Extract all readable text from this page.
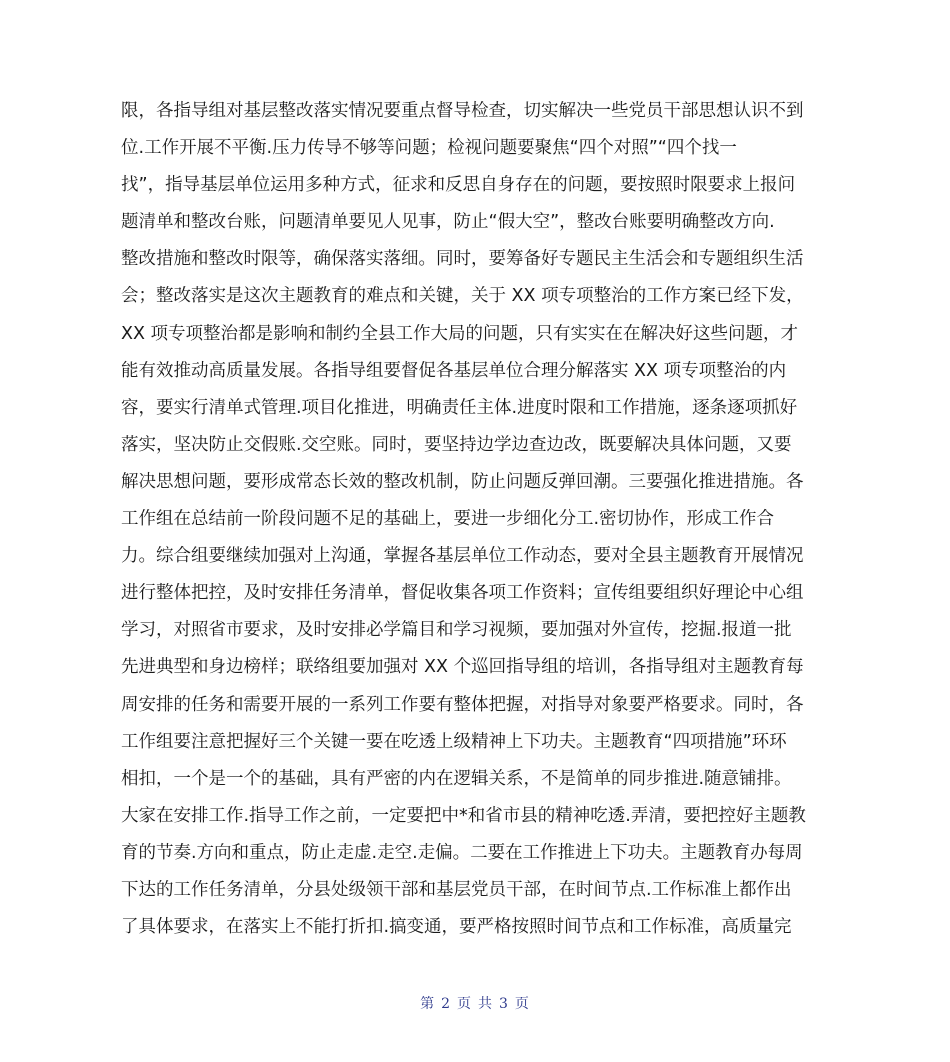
限，各指导组对基层整改落实情况要重点督导检查，切实解决一些党员干部思想认识不到
位.工作开展不平衡.压力传导不够等问题；检视问题要聚焦“四个对照”“四个找一
找”，指导基层单位运用多种方式，征求和反思自身存在的问题，要按照时限要求上报问
题清单和整改台账，问题清单要见人见事，防止“假大空”，整改台账要明确整改方向.
整改措施和整改时限等，确保落实落细。同时，要筹备好专题民主生活会和专题组织生活
会；整改落实是这次主题教育的难点和关键，关于 XX 项专项整治的工作方案已经下发，
XX 项专项整治都是影响和制约全县工作大局的问题，只有实实在在解决好这些问题，才
能有效推动高质量发展。各指导组要督促各基层单位合理分解落实 XX 项专项整治的内
容，要实行清单式管理.项目化推进，明确责任主体.进度时限和工作措施，逐条逐项抓好
落实，坚决防止交假账.交空账。同时，要坚持边学边查边改，既要解决具体问题，又要
解决思想问题，要形成常态长效的整改机制，防止问题反弹回潮。三要强化推进措施。各
工作组在总结前一阶段问题不足的基础上，要进一步细化分工.密切协作，形成工作合
力。综合组要继续加强对上沟通，掌握各基层单位工作动态，要对全县主题教育开展情况
进行整体把控，及时安排任务清单，督促收集各项工作资料；宣传组要组织好理论中心组
学习，对照省市要求，及时安排必学篇目和学习视频，要加强对外宣传，挖掘.报道一批
先进典型和身边榜样；联络组要加强对 XX 个巡回指导组的培训，各指导组对主题教育每
周安排的任务和需要开展的一系列工作要有整体把握，对指导对象要严格要求。同时，各
工作组要注意把握好三个关键一要在吃透上级精神上下功夫。主题教育“四项措施”环环
相扣，一个是一个的基础，具有严密的内在逻辑关系，不是简单的同步推进.随意铺排。
大家在安排工作.指导工作之前，一定要把中*和省市县的精神吃透.弄清，要把控好主题教
育的节奏.方向和重点，防止走虚.走空.走偏。二要在工作推进上下功夫。主题教育办每周
下达的工作任务清单，分县处级领干部和基层党员干部，在时间节点.工作标准上都作出
了具体要求，在落实上不能打折扣.搞变通，要严格按照时间节点和工作标准，高质量完
第 2 页 共 3 页
